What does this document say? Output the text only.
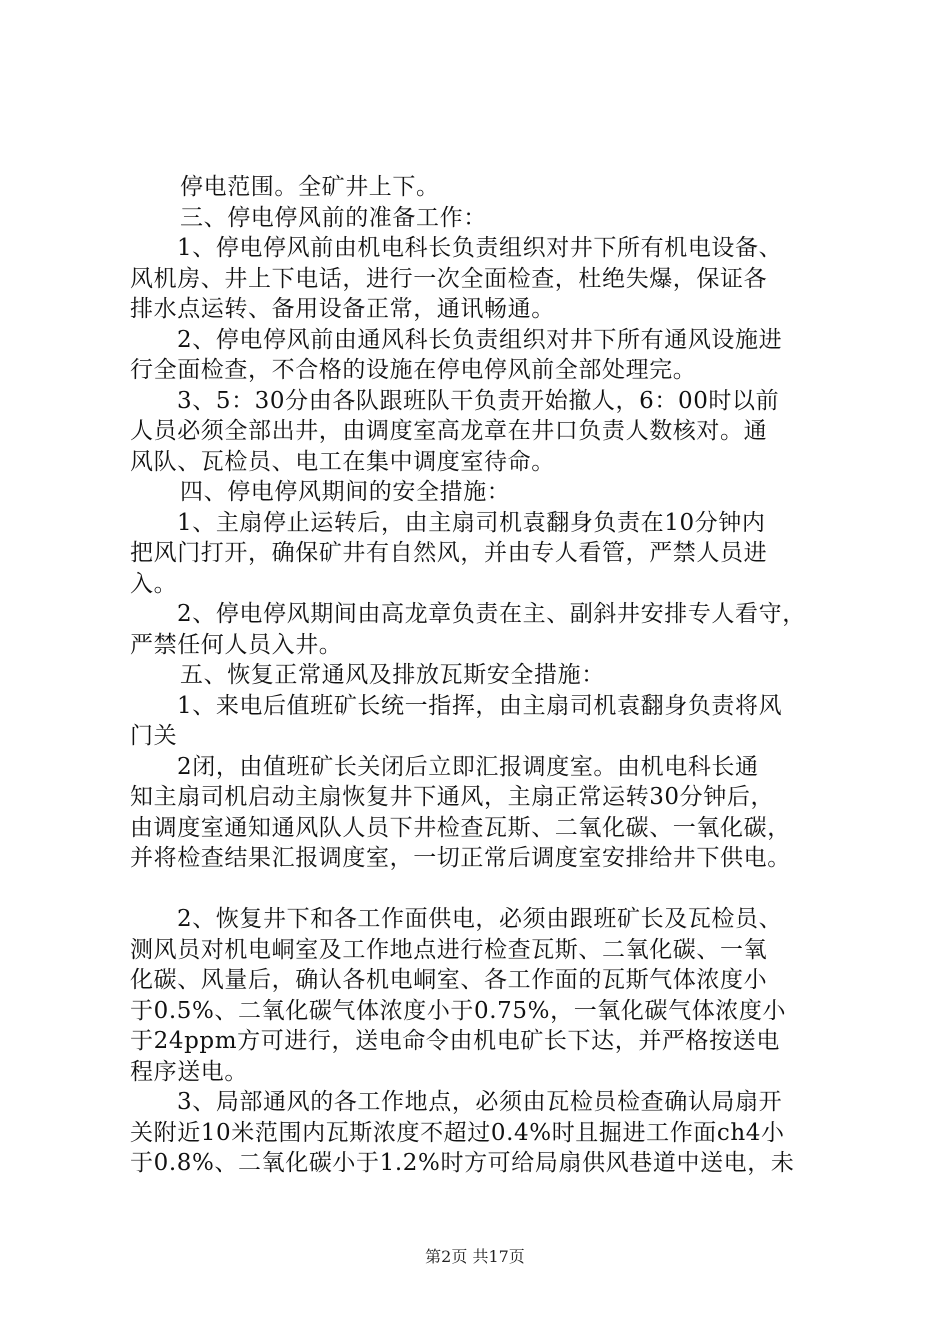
停电范围。全矿井上下。

三、停电停风前的准备工作：

1、停电停风前由机电科长负责组织对井下所有机电设备、

风机房、井上下电话，进行一次全面检查，杜绝失爆，保证各

排水点运转、备用设备正常，通讯畅通。

2、停电停风前由通风科长负责组织对井下所有通风设施进

行全面检查，不合格的设施在停电停风前全部处理完。

3、5：30分由各队跟班队干负责开始撤人，6：00时以前

人员必须全部出井，由调度室高龙章在井口负责人数核对。通

风队、瓦检员、电工在集中调度室待命。

四、停电停风期间的安全措施：

1、主扇停止运转后，由主扇司机袁翻身负责在10分钟内

把风门打开，确保矿井有自然风，并由专人看管，严禁人员进

入。

2、停电停风期间由高龙章负责在主、副斜井安排专人看守，

严禁任何人员入井。

五、恢复正常通风及排放瓦斯安全措施：

1、来电后值班矿长统一指挥，由主扇司机袁翻身负责将风

门关

2闭，由值班矿长关闭后立即汇报调度室。由机电科长通

知主扇司机启动主扇恢复井下通风，主扇正常运转30分钟后，

由调度室通知通风队人员下井检查瓦斯、二氧化碳、一氧化碳，

并将检查结果汇报调度室，一切正常后调度室安排给井下供电。

2、恢复井下和各工作面供电，必须由跟班矿长及瓦检员、

测风员对机电峒室及工作地点进行检查瓦斯、二氧化碳、一氧

化碳、风量后，确认各机电峒室、各工作面的瓦斯气体浓度小

于0.5%、二氧化碳气体浓度小于0.75%，一氧化碳气体浓度小

于24ppm方可进行，送电命令由机电矿长下达，并严格按送电

程序送电。

3、局部通风的各工作地点，必须由瓦检员检查确认局扇开

关附近10米范围内瓦斯浓度不超过0.4%时且掘进工作面ch4小

于0.8%、二氧化碳小于1.2%时方可给局扇供风巷道中送电，未

第2页 共17页
